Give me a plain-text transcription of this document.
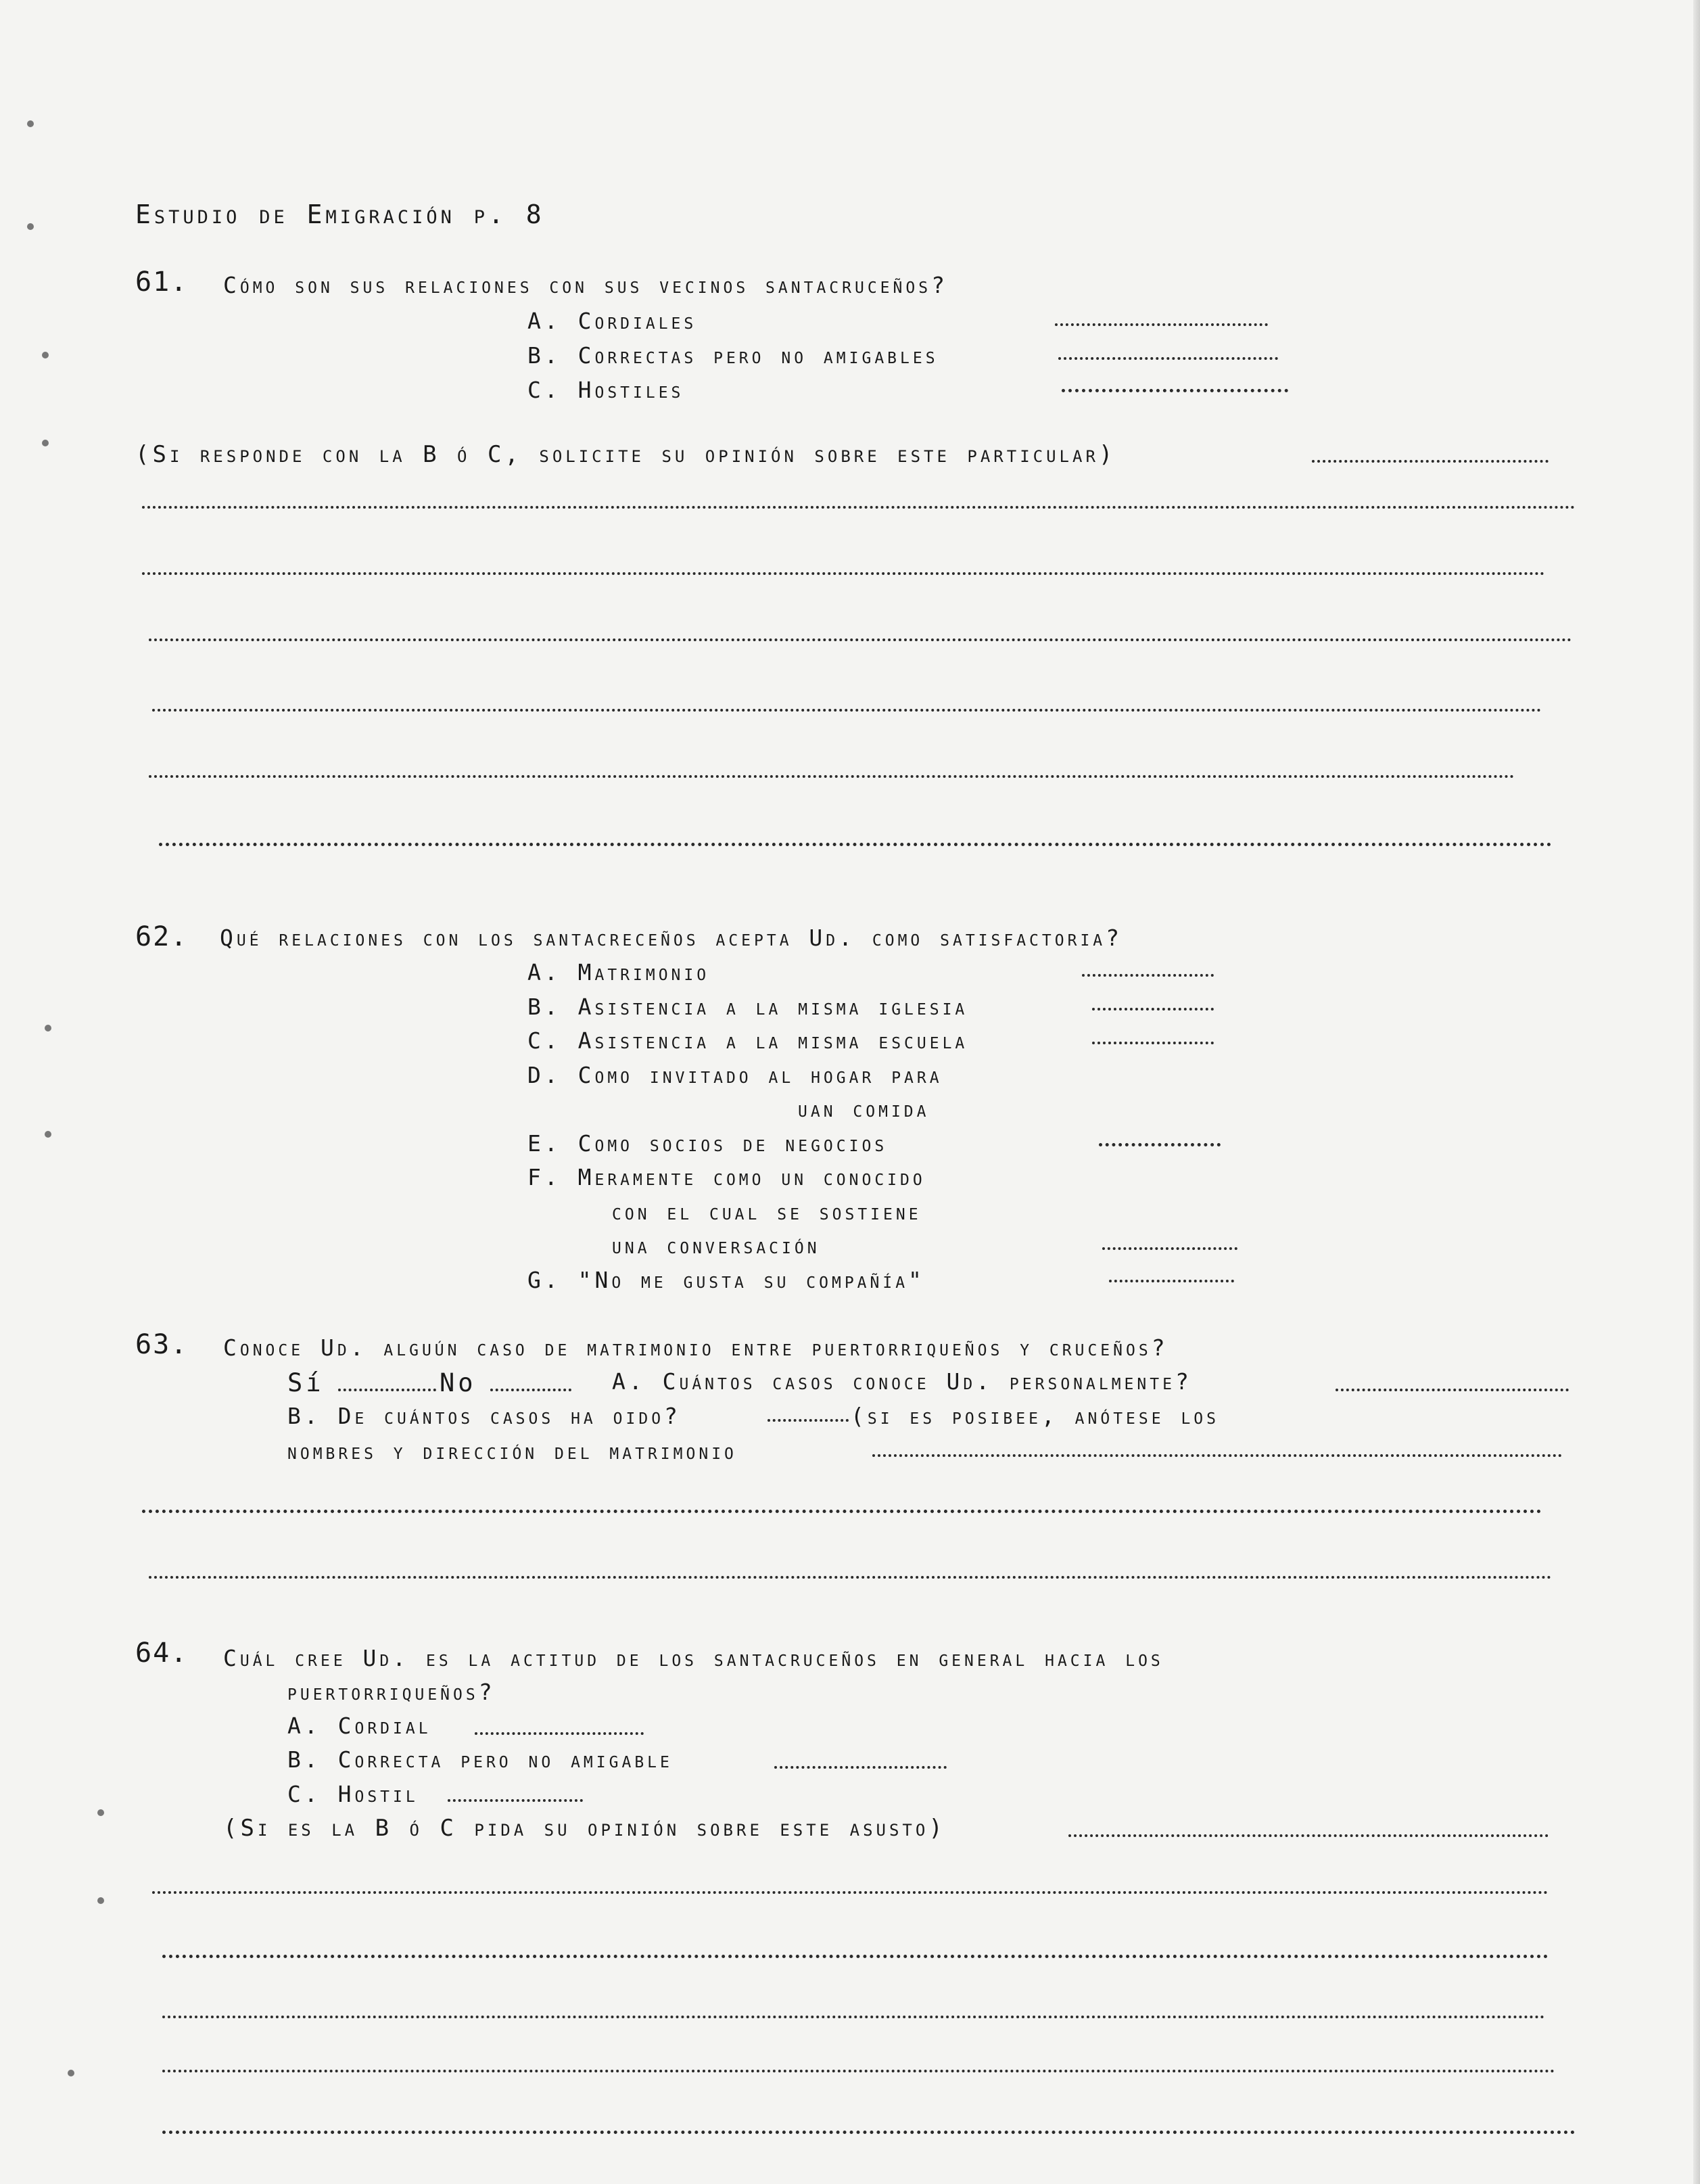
Estudio de Emigración p. 8
61. Cómo son sus relaciones con sus vecinos santacruceños?
A. Cordiales
B. Correctas pero no amigables
C. Hostiles
(Si responde con la B ó C, solicite su opinión sobre este particular)
62. Qué relaciones con los santacreceños acepta Ud. como satisfactoria?
A. Matrimonio
B. Asistencia a la misma iglesia
C. Asistencia a la misma escuela
D. Como invitado al hogar para
uan comida
E. Como socios de negocios
F. Meramente como un conocido
con el cual se sostiene
una conversación
G. "No me gusta su compañía"
63. Conoce Ud. alguún caso de matrimonio entre puertorriqueños y cruceños?
Sí	No	A. Cuántos casos conoce Ud. personalmente?
B. De cuántos casos ha oido?	(si es posibee, anótese los
nombres y dirección del matrimonio
64. Cuál cree Ud. es la actitud de los santacruceños en general hacia los
puertorriqueños?
A. Cordial
B. Correcta pero no amigable
C. Hostil
(Si es la B ó C pida su opinión sobre este asusto)
